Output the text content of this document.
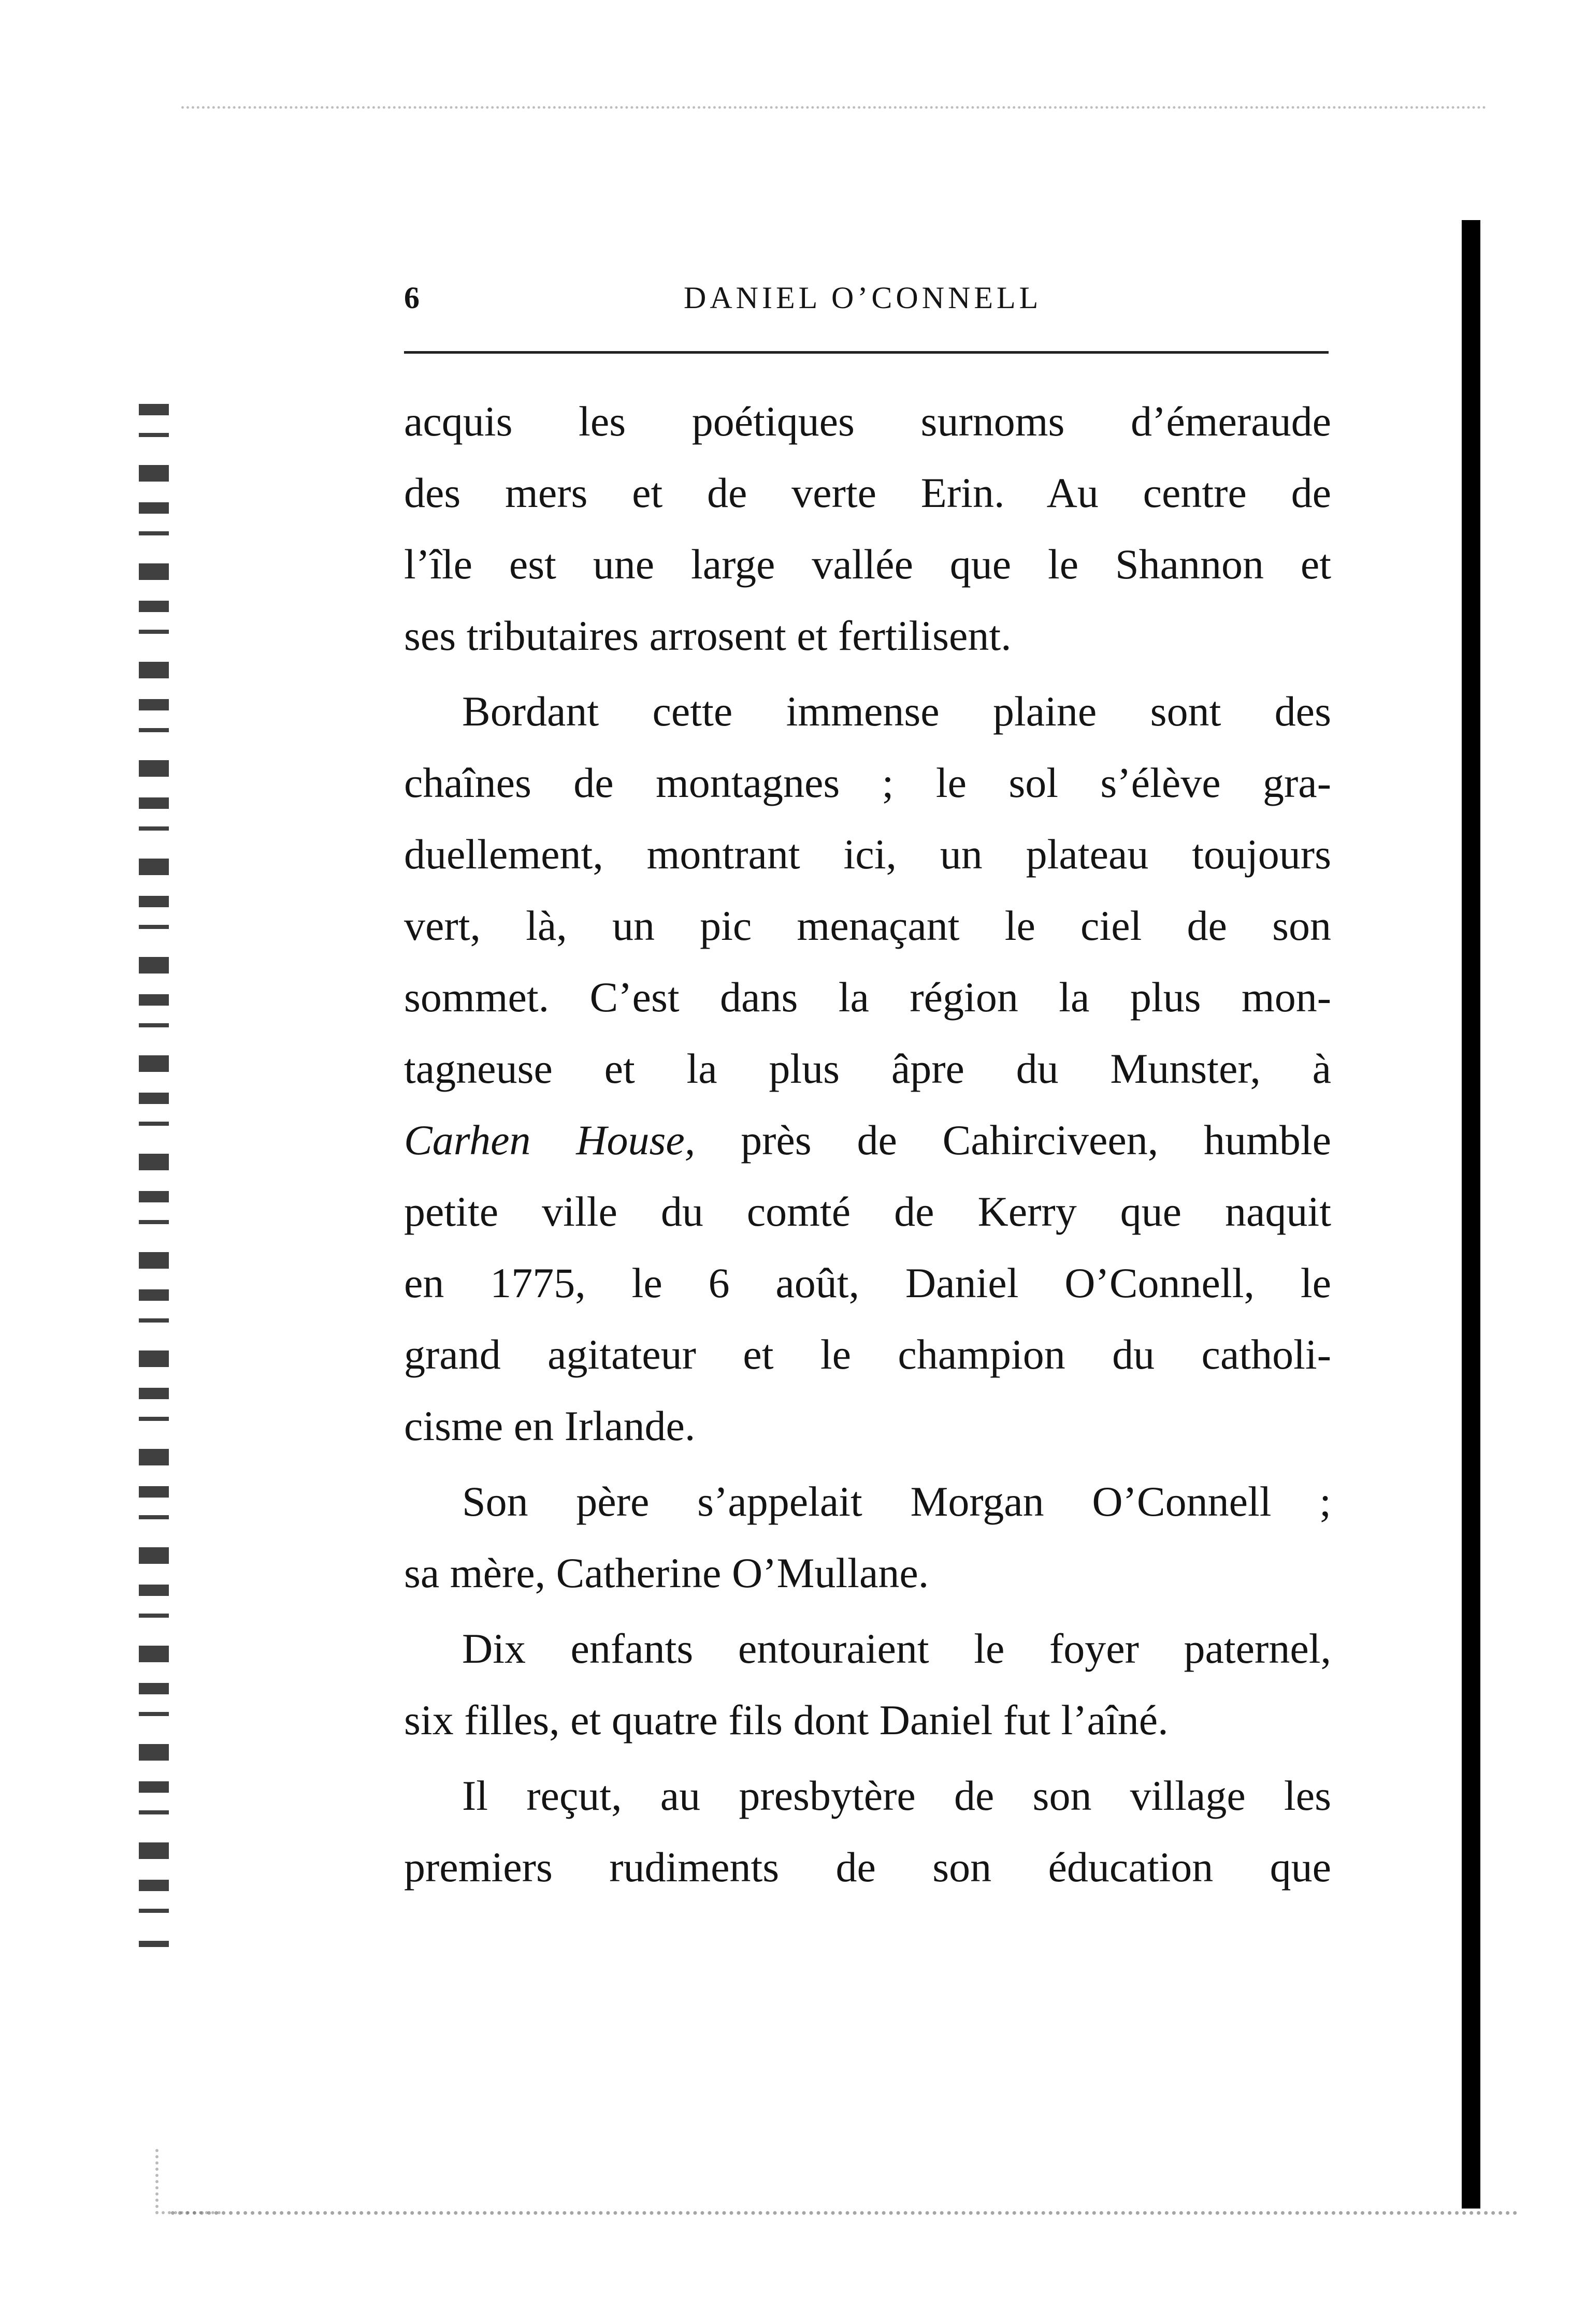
6	DANIEL O’CONNELL
acquis les poétiques surnoms d’émeraude
des mers et de verte Erin. Au centre de
l’île est une large vallée que le Shannon et
ses tributaires arrosent et fertilisent.
Bordant cette immense plaine sont des
chaînes de montagnes ; le sol s’élève gra-
duellement, montrant ici, un plateau toujours
vert, là, un pic menaçant le ciel de son
sommet. C’est dans la région la plus mon-
tagneuse et la plus âpre du Munster, à
Carhen House, près de Cahirciveen, humble
petite ville du comté de Kerry que naquit
en 1775, le 6 août, Daniel O’Connell, le
grand agitateur et le champion du catholi-
cisme en Irlande.
Son père s’appelait Morgan O’Connell ;
sa mère, Catherine O’Mullane.
Dix enfants entouraient le foyer paternel,
six filles, et quatre fils dont Daniel fut l’aîné.
Il reçut, au presbytère de son village les
premiers rudiments de son éducation que
